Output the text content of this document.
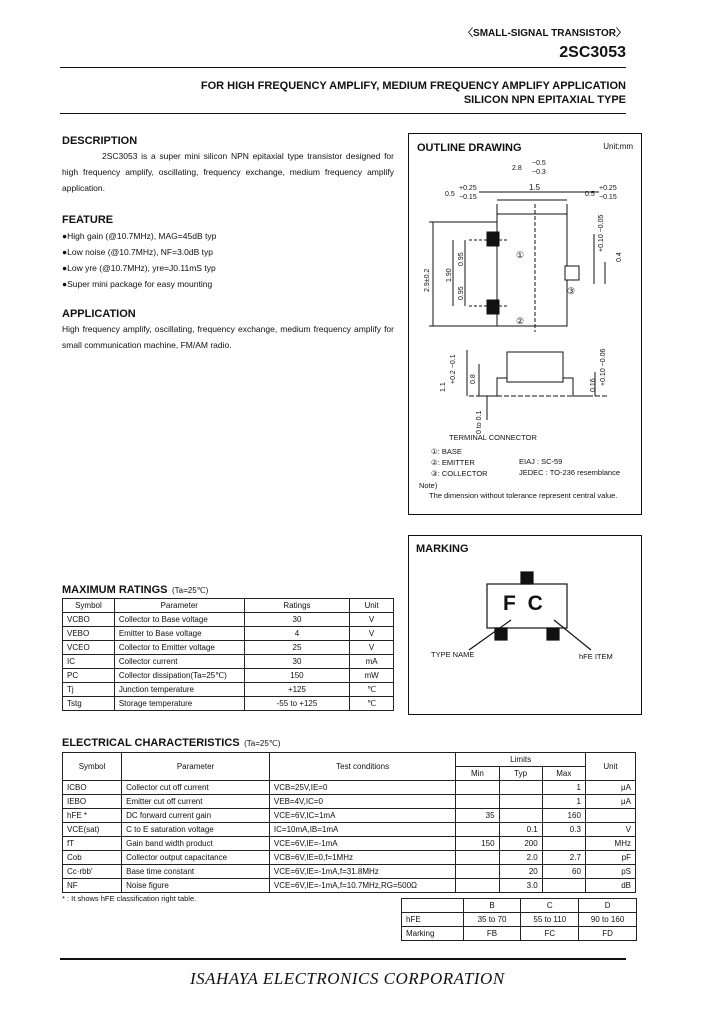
〈SMALL-SIGNAL TRANSISTOR〉
2SC3053
FOR HIGH FREQUENCY AMPLIFY, MEDIUM FREQUENCY AMPLIFY APPLICATION
SILICON NPN EPITAXIAL TYPE
DESCRIPTION
2SC3053 is a super mini silicon NPN epitaxial type transistor designed for high frequency amplify, oscillating, frequency exchange, medium frequency amplify application.
FEATURE
●High gain (@10.7MHz), MAG=45dB typ
●Low noise (@10.7MHz), NF=3.0dB typ
●Low yre (@10.7MHz), yre=J0.11mS typ
●Super mini package for easy mounting
APPLICATION
High frequency amplify, oscillating, frequency exchange, medium frequency amplify for small communication machine, FM/AM radio.
OUTLINE DRAWING	Unit:mm
2.8
−0.5
−0.3
1.5
0.5
+0.25
−0.15	0.5
+0.25
−0.15
2.9±0.2 1.90
0.95
0.95
0.4
+0.10 −0.05
1.1
+0.2 −0.1 0.8	0.16 +0.10 −0.06
0 to 0.1
①
②
③
TERMINAL CONNECTOR
①: BASE
②: EMITTER
③: COLLECTOR
EIAJ : SC-59
JEDEC : TO-236 resemblance
Note)
The dimension without tolerance represent central value.
MARKING
F C
TYPE NAME	hFE ITEM
MAXIMUM RATINGS (Ta=25℃)
Symbol	Parameter	Ratings	Unit
VCBO	Collector to Base voltage	30	V
VEBO	Emitter to Base voltage	4	V
VCEO	Collector to Emitter voltage	25	V
IC	Collector current	30	mA
PC	Collector dissipation(Ta=25℃)	150	mW
Tj	Junction temperature	+125	℃
Tstg	Storage temperature	-55 to +125	℃
ELECTRICAL CHARACTERISTICS (Ta=25℃)
Symbol	Parameter	Test conditions	Limits			Unit
			Min	Typ	Max	
ICBO	Collector cut off current	VCB=25V,IE=0			1	μA
IEBO	Emitter cut off current	VEB=4V,IC=0			1	μA
hFE *	DC forward current gain	VCE=6V,IC=1mA	35		160	
VCE(sat)	C to E saturation voltage	IC=10mA,IB=1mA		0.1	0.3	V
fT	Gain band width product	VCE=6V,IE=-1mA	150	200		MHz
Cob	Collector output capacitance	VCB=6V,IE=0,f=1MHz		2.0	2.7	pF
Cc·rbb'	Base time constant	VCE=6V,IE=-1mA,f=31.8MHz		20	60	pS
NF	Noise figure	VCE=6V,IE=-1mA,f=10.7MHz,RG=500Ω		3.0		dB
* : It shows hFE classification right table.
	B	C	D
hFE	35 to 70	55 to 110	90 to 160
Marking	FB	FC	FD
ISAHAYA ELECTRONICS CORPORATION
